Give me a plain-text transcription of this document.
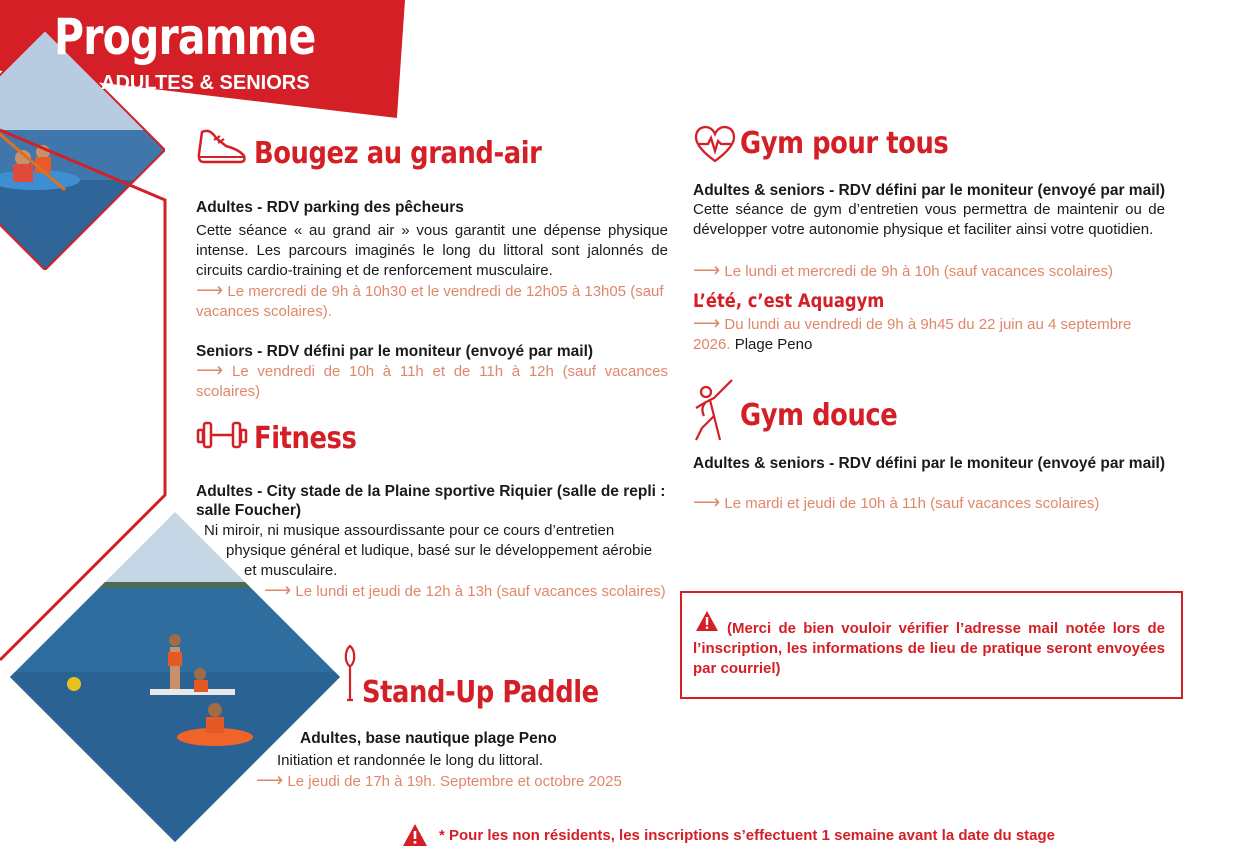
Programme
ADULTES & SENIORS
Bougez au grand-air
Adultes - RDV parking des pêcheurs
Cette séance « au grand air » vous garantit une dépense physique intense. Les parcours imaginés le long du littoral sont jalonnés de circuits cardio-training et de renforcement musculaire.
⟶ Le mercredi de 9h à 10h30 et le vendredi de 12h05 à 13h05 (sauf vacances scolaires).
Seniors - RDV défini par le moniteur (envoyé par mail)
⟶ Le vendredi de 10h à 11h et de 11h à 12h (sauf vacances scolaires)
Fitness
Adultes - City stade de la Plaine sportive Riquier (salle de repli : salle Foucher)
Ni miroir, ni musique assourdissante pour ce cours d’entretien
physique général et ludique, basé sur le développement aérobie
et musculaire.
⟶ Le lundi et jeudi de 12h à 13h (sauf vacances scolaires)
Stand-Up Paddle
Adultes, base nautique plage Peno
Initiation et randonnée le long du littoral.
⟶ Le jeudi de 17h à 19h. Septembre et octobre 2025
Gym pour tous
Adultes & seniors - RDV défini par le moniteur (envoyé par mail) Cette séance de gym d’entretien vous permettra de maintenir ou de développer votre autonomie physique et faciliter ainsi votre quotidien.
⟶ Le lundi et mercredi de 9h à 10h (sauf vacances scolaires)
L’été, c’est Aquagym
⟶ Du lundi au vendredi de 9h à 9h45 du 22 juin au 4 septembre 2026. Plage Peno
Gym douce
Adultes & seniors - RDV défini par le moniteur (envoyé par mail)
⟶ Le mardi et jeudi de 10h à 11h (sauf vacances scolaires)
(Merci de bien vouloir vérifier l’adresse mail notée lors de l’inscription, les informations de lieu de pratique seront envoyées par courriel)
* Pour les non résidents, les inscriptions s’effectuent 1 semaine avant la date du stage
